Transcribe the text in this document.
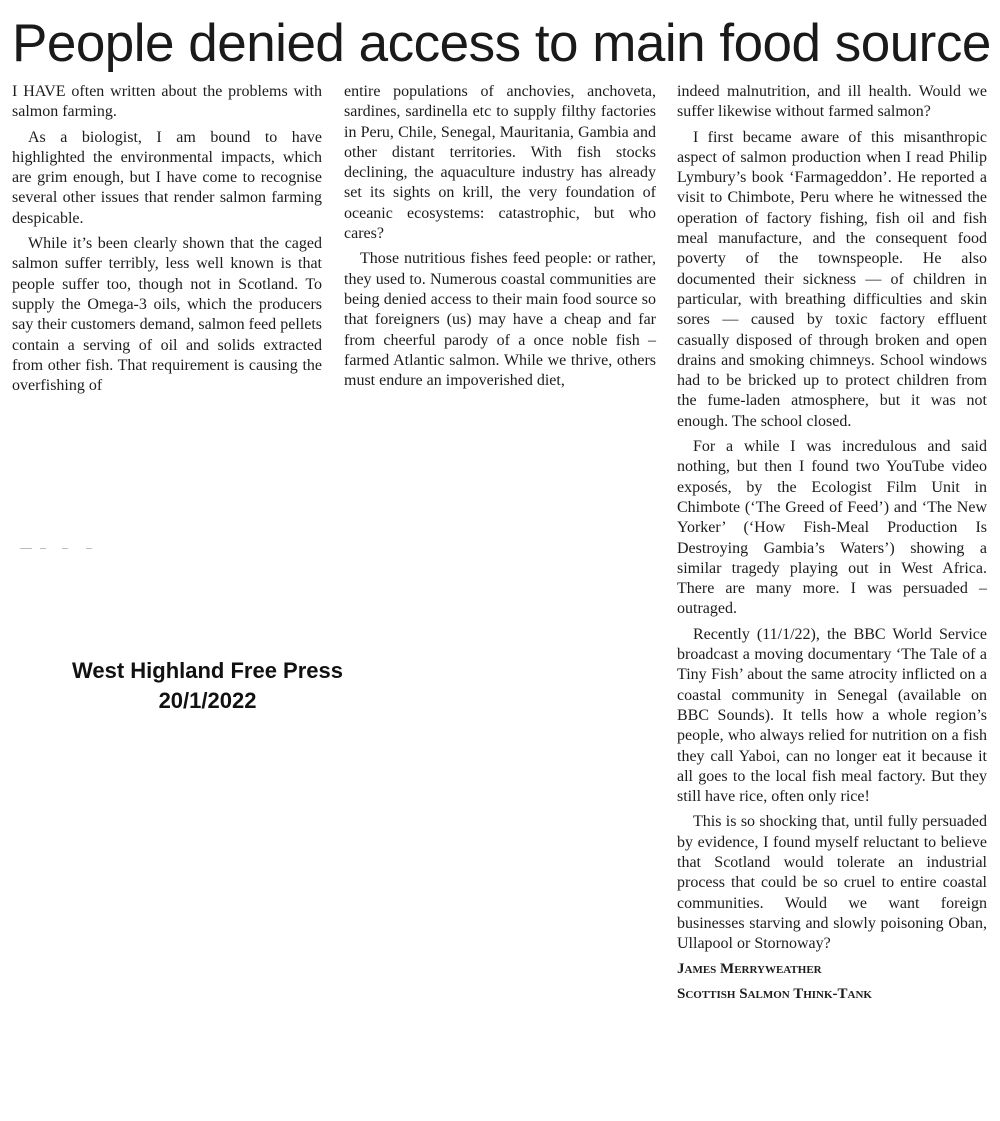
People denied access to main food source

I HAVE often written about the problems with salmon farming.

As a biologist, I am bound to have highlighted the environmental impacts, which are grim enough, but I have come to recognise several other issues that render salmon farming despicable.

While it’s been clearly shown that the caged salmon suffer terribly, less well known is that people suffer too, though not in Scotland. To supply the Omega-3 oils, which the producers say their customers demand, salmon feed pellets contain a serving of oil and solids extracted from other fish. That requirement is causing the overfishing of

entire populations of anchovies, anchoveta, sardines, sardinella etc to supply filthy factories in Peru, Chile, Senegal, Mauritania, Gambia and other distant territories. With fish stocks declining, the aquaculture industry has already set its sights on krill, the very foundation of oceanic ecosystems: catastrophic, but who cares?

Those nutritious fishes feed people: or rather, they used to. Numerous coastal communities are being denied access to their main food source so that foreigners (us) may have a cheap and far from cheerful parody of a once noble fish – farmed Atlantic salmon. While we thrive, others must endure an impoverished diet,

indeed malnutrition, and ill health. Would we suffer likewise without farmed salmon?

I first became aware of this misanthropic aspect of salmon production when I read Philip Lymbury’s book ‘Farmageddon’. He reported a visit to Chimbote, Peru where he witnessed the operation of factory fishing, fish oil and fish meal manufacture, and the consequent food poverty of the townspeople. He also documented their sickness — of children in particular, with breathing difficulties and skin sores — caused by toxic factory effluent casually disposed of through broken and open drains and smoking chimneys. School windows had to be bricked up to protect children from the fume-laden atmosphere, but it was not enough. The school closed.

For a while I was incredulous and said nothing, but then I found two YouTube video exposés, by the Ecologist Film Unit in Chimbote (‘The Greed of Feed’) and ‘The New Yorker’ (‘How Fish-Meal Production Is Destroying Gambia’s Waters’) showing a similar tragedy playing out in West Africa. There are many more. I was persuaded – outraged.

Recently (11/1/22), the BBC World Service broadcast a moving documentary ‘The Tale of a Tiny Fish’ about the same atrocity inflicted on a coastal community in Senegal (available on BBC Sounds). It tells how a whole region’s people, who always relied for nutrition on a fish they call Yaboi, can no longer eat it because it all goes to the local fish meal factory. But they still have rice, often only rice!

This is so shocking that, until fully persuaded by evidence, I found myself reluctant to believe that Scotland would tolerate an industrial process that could be so cruel to entire coastal communities. Would we want foreign businesses starving and slowly poisoning Oban, Ullapool or Stornoway?

James Merryweather

Scottish Salmon Think-Tank

West Highland Free Press
20/1/2022
